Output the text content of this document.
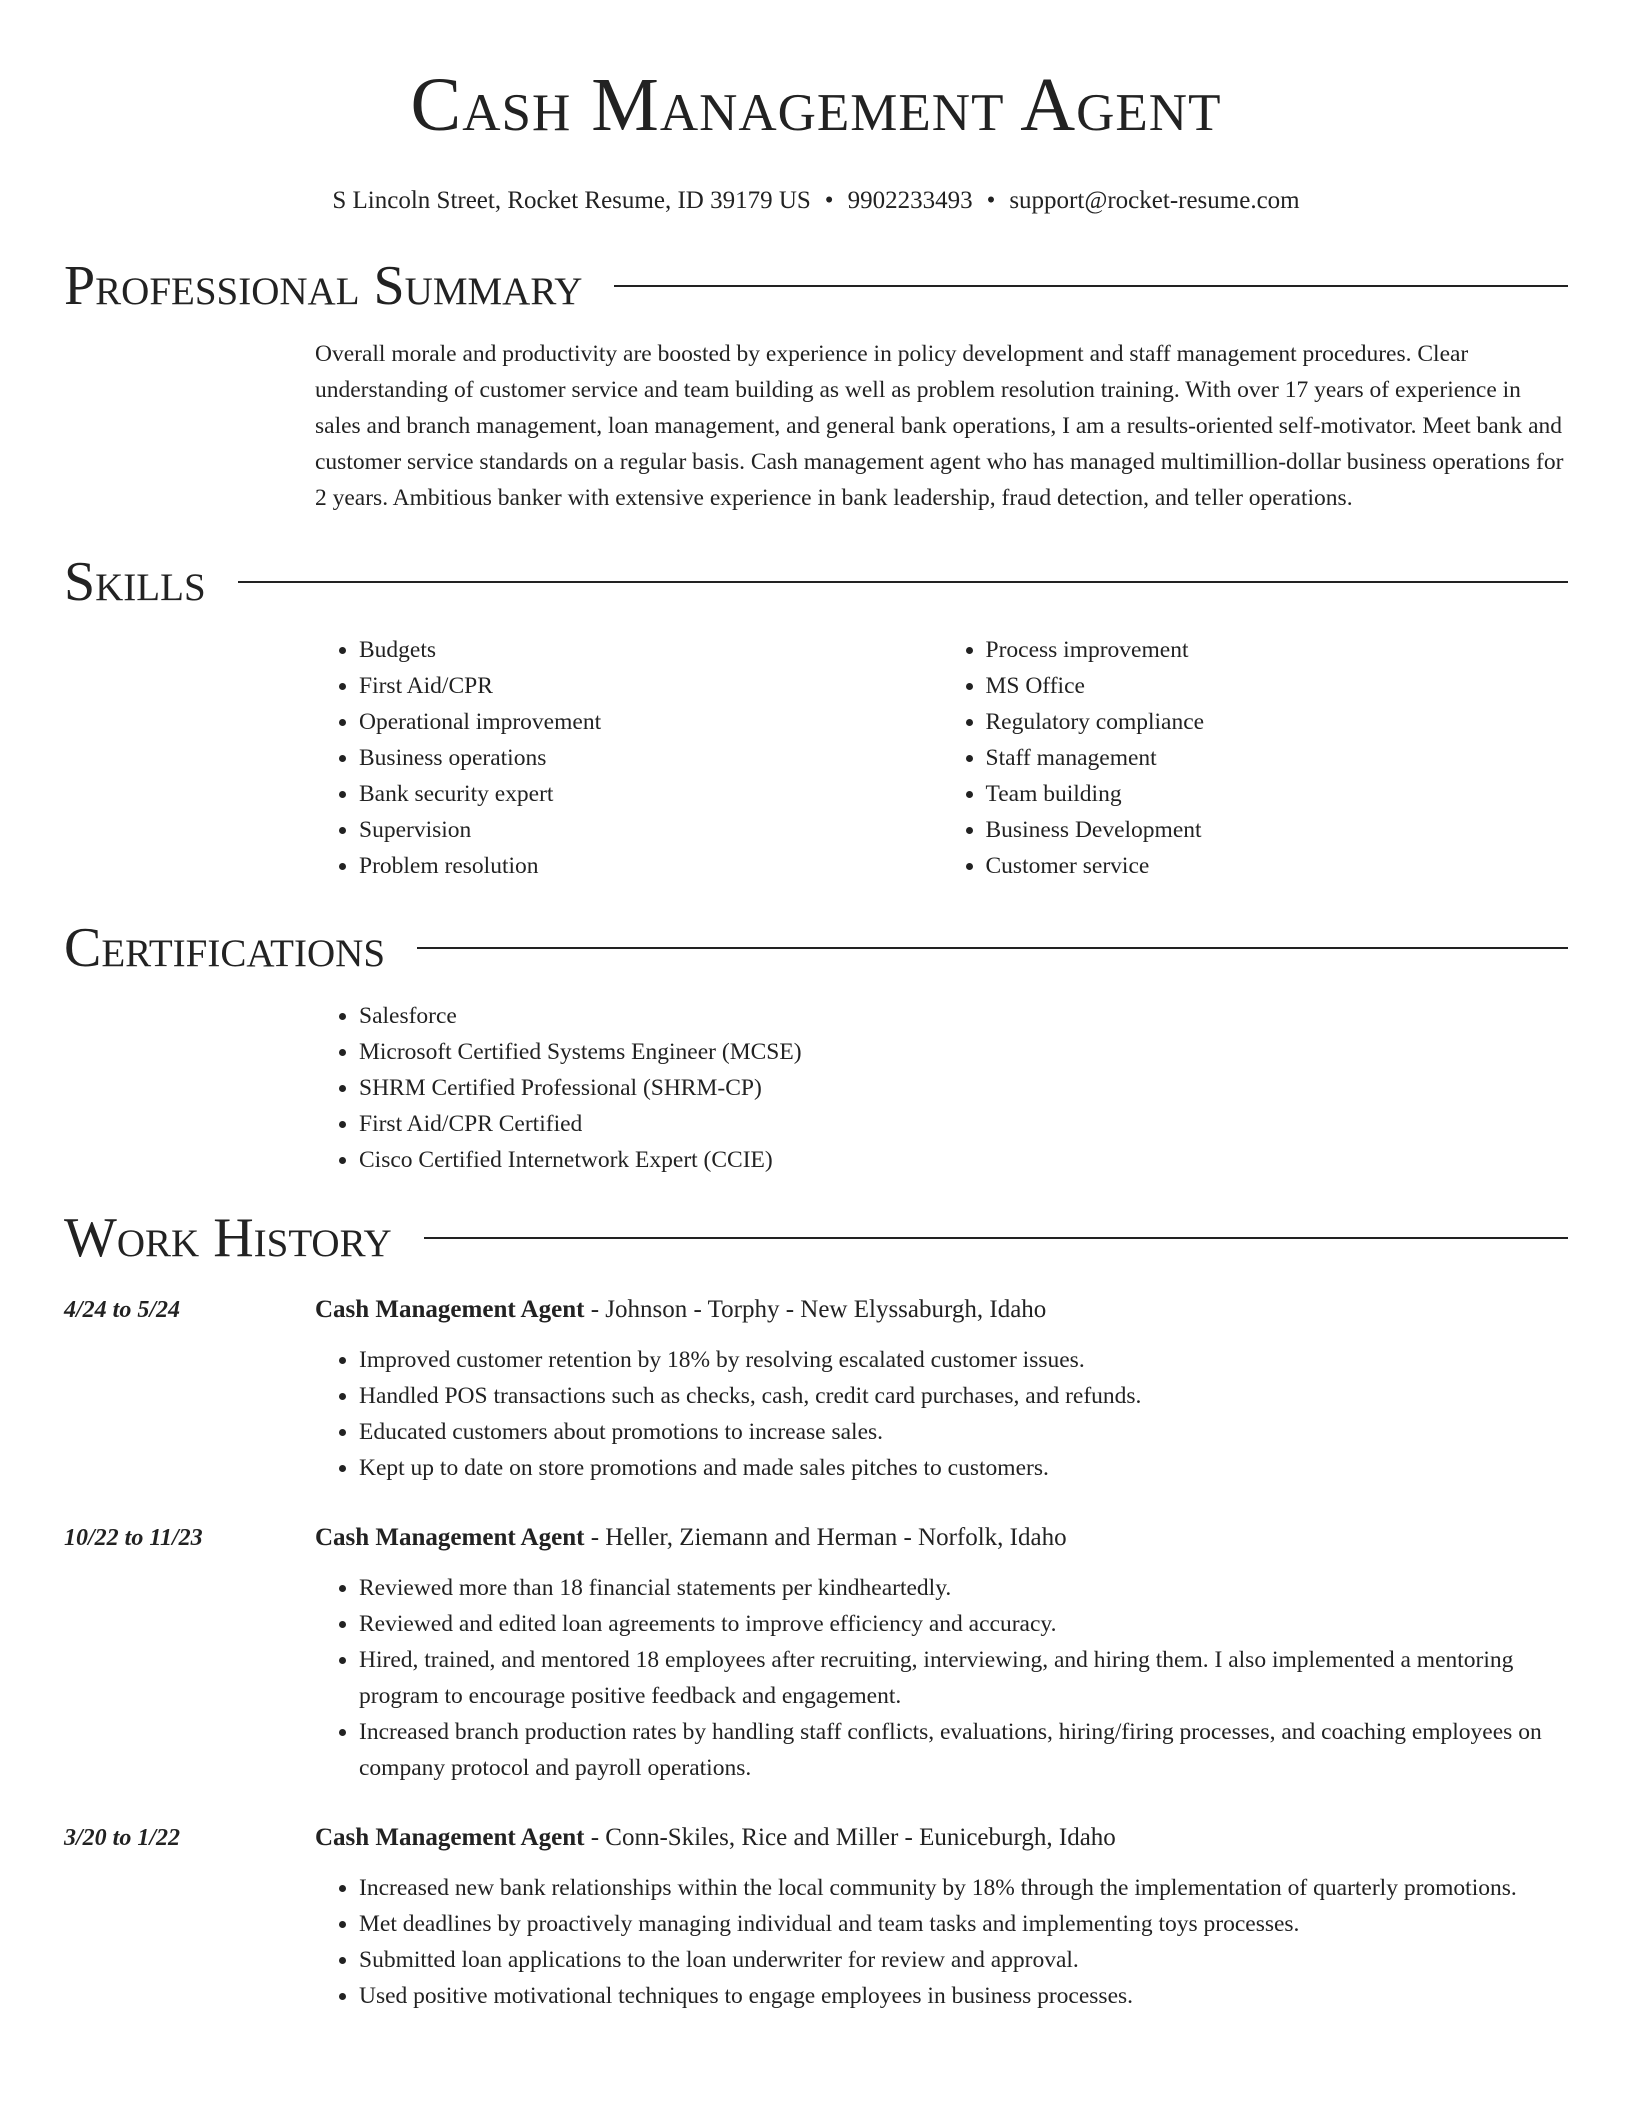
Cash Management Agent
S Lincoln Street, Rocket Resume, ID 39179 US • 9902233493 • support@rocket-resume.com
Professional Summary

Overall morale and productivity are boosted by experience in policy development and staff management procedures. Clear understanding of customer service and team building as well as problem resolution training. With over 17 years of experience in sales and branch management, loan management, and general bank operations, I am a results-oriented self-motivator. Meet bank and customer service standards on a regular basis. Cash management agent who has managed multimillion-dollar business operations for 2 years. Ambitious banker with extensive experience in bank leadership, fraud detection, and teller operations.

Skills
• Budgets
• First Aid/CPR
• Operational improvement
• Business operations
• Bank security expert
• Supervision
• Problem resolution
• Process improvement
• MS Office
• Regulatory compliance
• Staff management
• Team building
• Business Development
• Customer service
Certifications
• Salesforce
• Microsoft Certified Systems Engineer (MCSE)
• SHRM Certified Professional (SHRM-CP)
• First Aid/CPR Certified
• Cisco Certified Internetwork Expert (CCIE)
Work History
4/24 to 5/24	Cash Management Agent - Johnson - Torphy - New Elyssaburgh, Idaho
• Improved customer retention by 18% by resolving escalated customer issues.
• Handled POS transactions such as checks, cash, credit card purchases, and refunds.
• Educated customers about promotions to increase sales.
• Kept up to date on store promotions and made sales pitches to customers.
10/22 to 11/23	Cash Management Agent - Heller, Ziemann and Herman - Norfolk, Idaho
• Reviewed more than 18 financial statements per kindheartedly.
• Reviewed and edited loan agreements to improve efficiency and accuracy.
• Hired, trained, and mentored 18 employees after recruiting, interviewing, and hiring them. I also implemented a mentoring program to encourage positive feedback and engagement.
• Increased branch production rates by handling staff conflicts, evaluations, hiring/firing processes, and coaching employees on company protocol and payroll operations.
3/20 to 1/22	Cash Management Agent - Conn-Skiles, Rice and Miller - Euniceburgh, Idaho
• Increased new bank relationships within the local community by 18% through the implementation of quarterly promotions.
• Met deadlines by proactively managing individual and team tasks and implementing toys processes.
• Submitted loan applications to the loan underwriter for review and approval.
• Used positive motivational techniques to engage employees in business processes.
